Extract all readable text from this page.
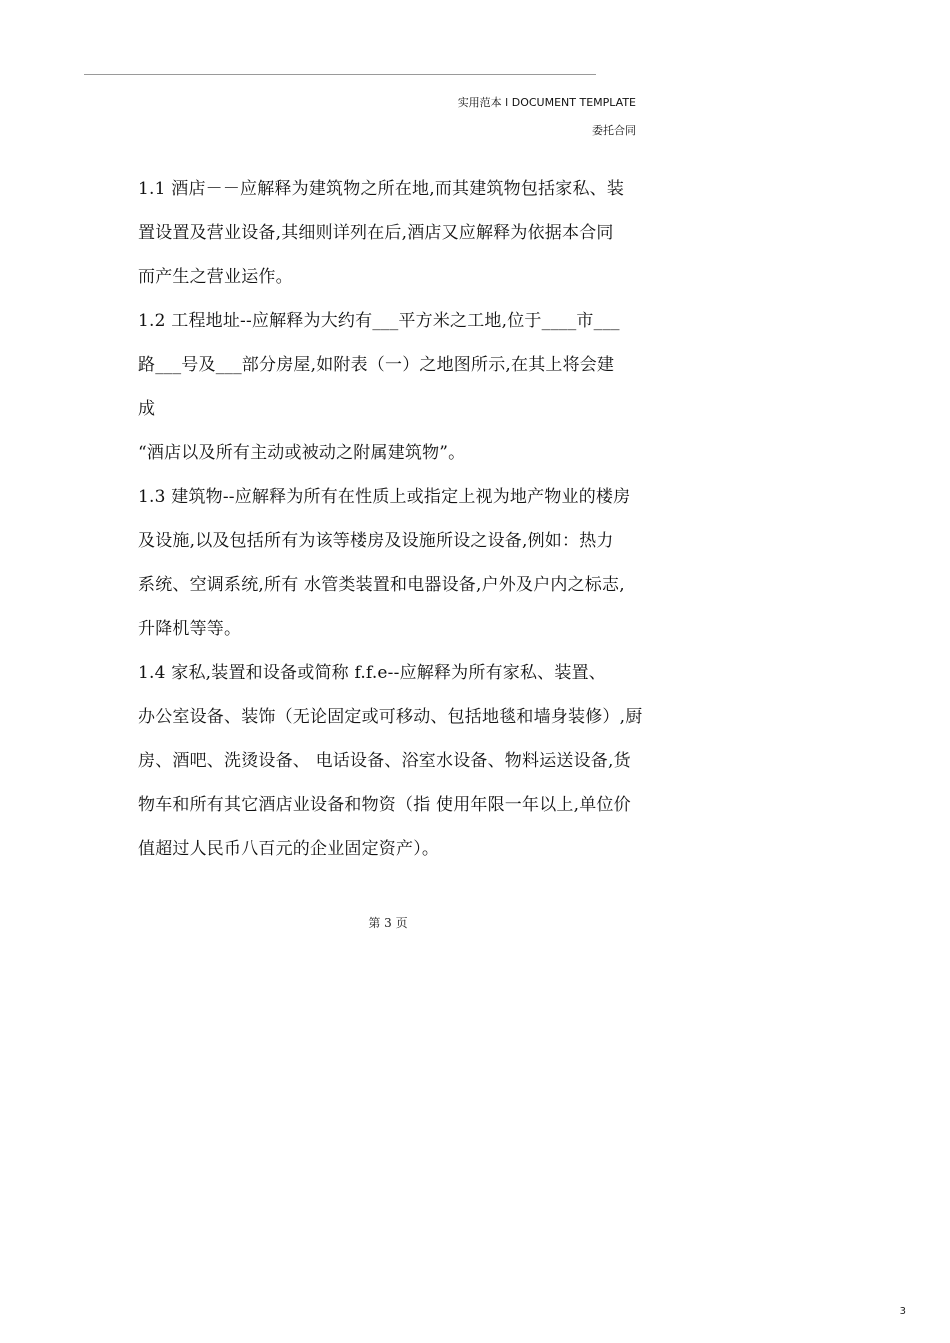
实用范本 l DOCUMENT TEMPLATE
委托合同

1.1 酒店－－应解释为建筑物之所在地,而其建筑物包括家私、装

置设置及营业设备,其细则详列在后,酒店又应解释为依据本合同

而产生之营业运作。

1.2 工程地址--应解释为大约有___平方米之工地,位于____市___

路___号及___部分房屋,如附表（一）之地图所示,在其上将会建

成

“酒店以及所有主动或被动之附属建筑物”。

1.3 建筑物--应解释为所有在性质上或指定上视为地产物业的楼房

及设施,以及包括所有为该等楼房及设施所设之设备,例如：热力

系统、空调系统,所有 水管类装置和电器设备,户外及户内之标志,

升降机等等。

1.4 家私,装置和设备或简称 f.f.e--应解释为所有家私、装置、

办公室设备、装饰（无论固定或可移动、包括地毯和墙身装修）,厨

房、酒吧、洗烫设备、 电话设备、浴室水设备、物料运送设备,货

物车和所有其它酒店业设备和物资（指 使用年限一年以上,单位价

值超过人民币八百元的企业固定资产）。

第 3 页
3
